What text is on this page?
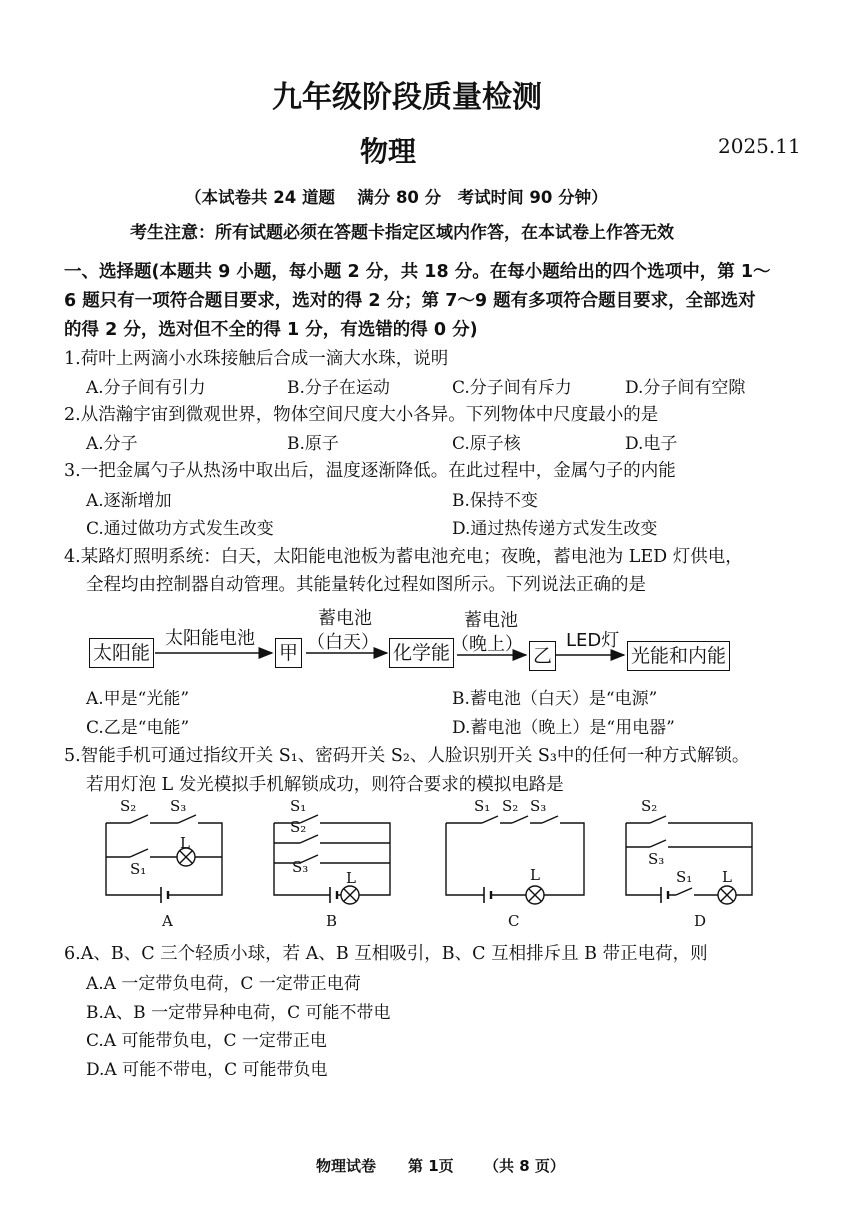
九年级阶段质量检测
物理	2025.11
（本试卷共 24 道题　 满分 80 分　考试时间 90 分钟）
考生注意：所有试题必须在答题卡指定区域内作答，在本试卷上作答无效
一、选择题(本题共 9 小题，每小题 2 分，共 18 分。在每小题给出的四个选项中，第 1～
6 题只有一项符合题目要求，选对的得 2 分；第 7～9 题有多项符合题目要求，全部选对
的得 2 分，选对但不全的得 1 分，有选错的得 0 分)
1.荷叶上两滴小水珠接触后合成一滴大水珠，说明
A.分子间有引力	B.分子在运动	C.分子间有斥力	D.分子间有空隙
2.从浩瀚宇宙到微观世界，物体空间尺度大小各异。下列物体中尺度最小的是
A.分子	B.原子	C.原子核	D.电子
3.一把金属勺子从热汤中取出后，温度逐渐降低。在此过程中，金属勺子的内能
A.逐渐增加	B.保持不变
C.通过做功方式发生改变	D.通过热传递方式发生改变
4.某路灯照明系统：白天，太阳能电池板为蓄电池充电；夜晚，蓄电池为 LED 灯供电，
全程均由控制器自动管理。其能量转化过程如图所示。下列说法正确的是
太阳能
太阳能电池
甲
蓄电池
（白天） 化学能
蓄电池
（晚上）
乙
LED灯
光能和内能
A.甲是“光能”	B.蓄电池（白天）是“电源”
C.乙是“电能”	D.蓄电池（晚上）是“用电器”
5.智能手机可通过指纹开关 S₁、密码开关 S₂、人脸识别开关 S₃中的任何一种方式解锁。
若用灯泡 L 发光模拟手机解锁成功，则符合要求的模拟电路是
S₂ S₃
S₁
L
A
S₁
S₂
S₃
L
B
S₁ S₂ S₃
L
C
S₂
S₃
S₁ L
D
6.A、B、C 三个轻质小球，若 A、B 互相吸引，B、C 互相排斥且 B 带正电荷，则
A.A 一定带负电荷，C 一定带正电荷
B.A、B 一定带异种电荷，C 可能不带电
C.A 可能带负电，C 一定带正电
D.A 可能不带电，C 可能带负电
物理试卷 第 1页 （共 8 页）
